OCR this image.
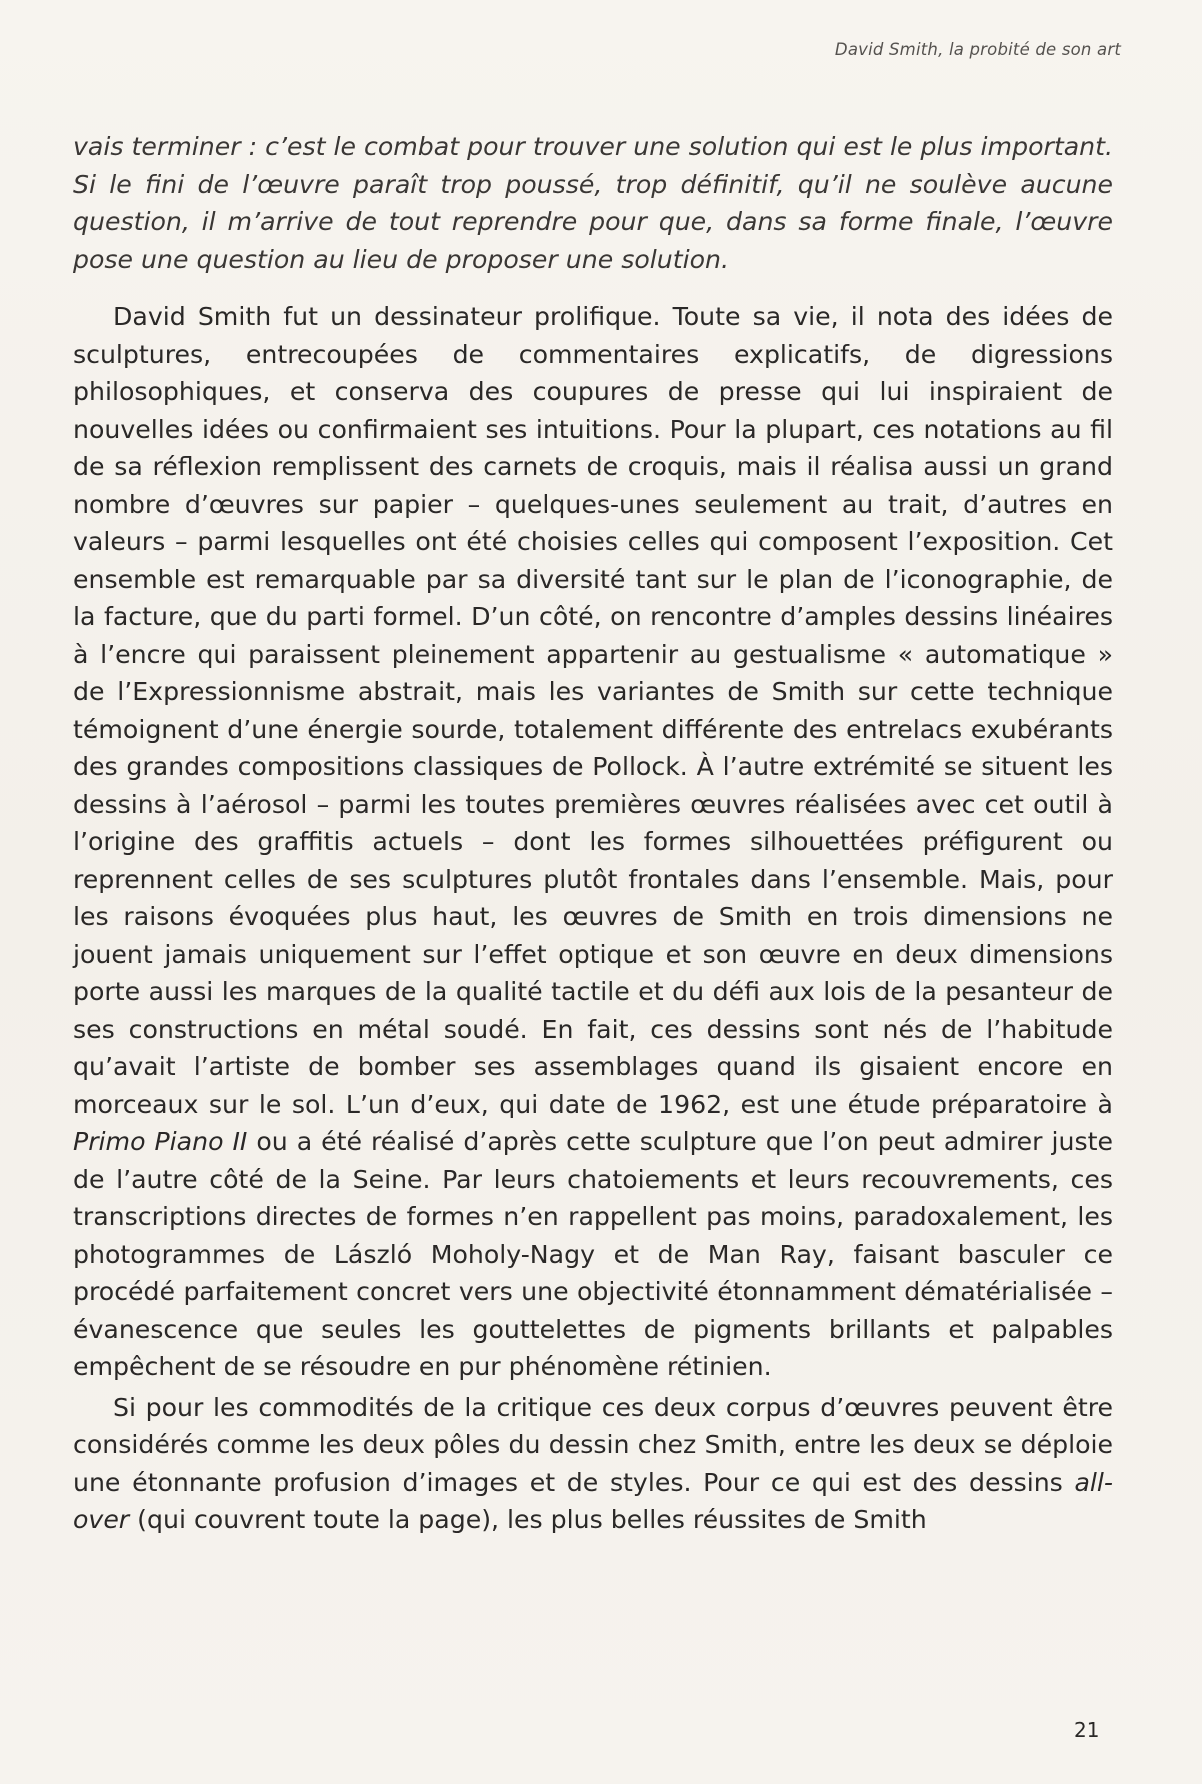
David Smith, la probité de son art

vais terminer : c’est le combat pour trouver une solution qui est le plus important. Si le fini de l’œuvre paraît trop poussé, trop définitif, qu’il ne soulève aucune question, il m’arrive de tout reprendre pour que, dans sa forme finale, l’œuvre pose une question au lieu de proposer une solution.

David Smith fut un dessinateur prolifique. Toute sa vie, il nota des idées de sculptures, entrecoupées de commentaires explicatifs, de digressions philosophiques, et conserva des coupures de presse qui lui inspiraient de nouvelles idées ou confirmaient ses intuitions. Pour la plupart, ces notations au fil de sa réflexion remplissent des carnets de croquis, mais il réalisa aussi un grand nombre d’œuvres sur papier – quelques-unes seulement au trait, d’autres en valeurs – parmi lesquelles ont été choisies celles qui composent l’exposition. Cet ensemble est remarquable par sa diversité tant sur le plan de l’iconographie, de la facture, que du parti formel. D’un côté, on rencontre d’amples dessins linéaires à l’encre qui paraissent pleinement appartenir au gestualisme « automatique » de l’Expressionnisme abstrait, mais les variantes de Smith sur cette technique témoignent d’une énergie sourde, totalement différente des entrelacs exubérants des grandes compositions classiques de Pollock. À l’autre extrémité se situent les dessins à l’aérosol – parmi les toutes premières œuvres réalisées avec cet outil à l’origine des graffitis actuels – dont les formes silhouettées préfigurent ou reprennent celles de ses sculptures plutôt frontales dans l’ensemble. Mais, pour les raisons évoquées plus haut, les œuvres de Smith en trois dimensions ne jouent jamais uniquement sur l’effet optique et son œuvre en deux dimensions porte aussi les marques de la qualité tactile et du défi aux lois de la pesanteur de ses constructions en métal soudé. En fait, ces dessins sont nés de l’habitude qu’avait l’artiste de bomber ses assemblages quand ils gisaient encore en morceaux sur le sol. L’un d’eux, qui date de 1962, est une étude préparatoire à Primo Piano II ou a été réalisé d’après cette sculpture que l’on peut admirer juste de l’autre côté de la Seine. Par leurs chatoiements et leurs recouvrements, ces transcriptions directes de formes n’en rappellent pas moins, paradoxalement, les photogrammes de László Moholy-Nagy et de Man Ray, faisant basculer ce procédé parfaitement concret vers une objectivité étonnamment dématérialisée – évanescence que seules les gouttelettes de pigments brillants et palpables empêchent de se résoudre en pur phénomène rétinien.

Si pour les commodités de la critique ces deux corpus d’œuvres peuvent être considérés comme les deux pôles du dessin chez Smith, entre les deux se déploie une étonnante profusion d’images et de styles. Pour ce qui est des dessins all-over (qui couvrent toute la page), les plus belles réussites de Smith

21
